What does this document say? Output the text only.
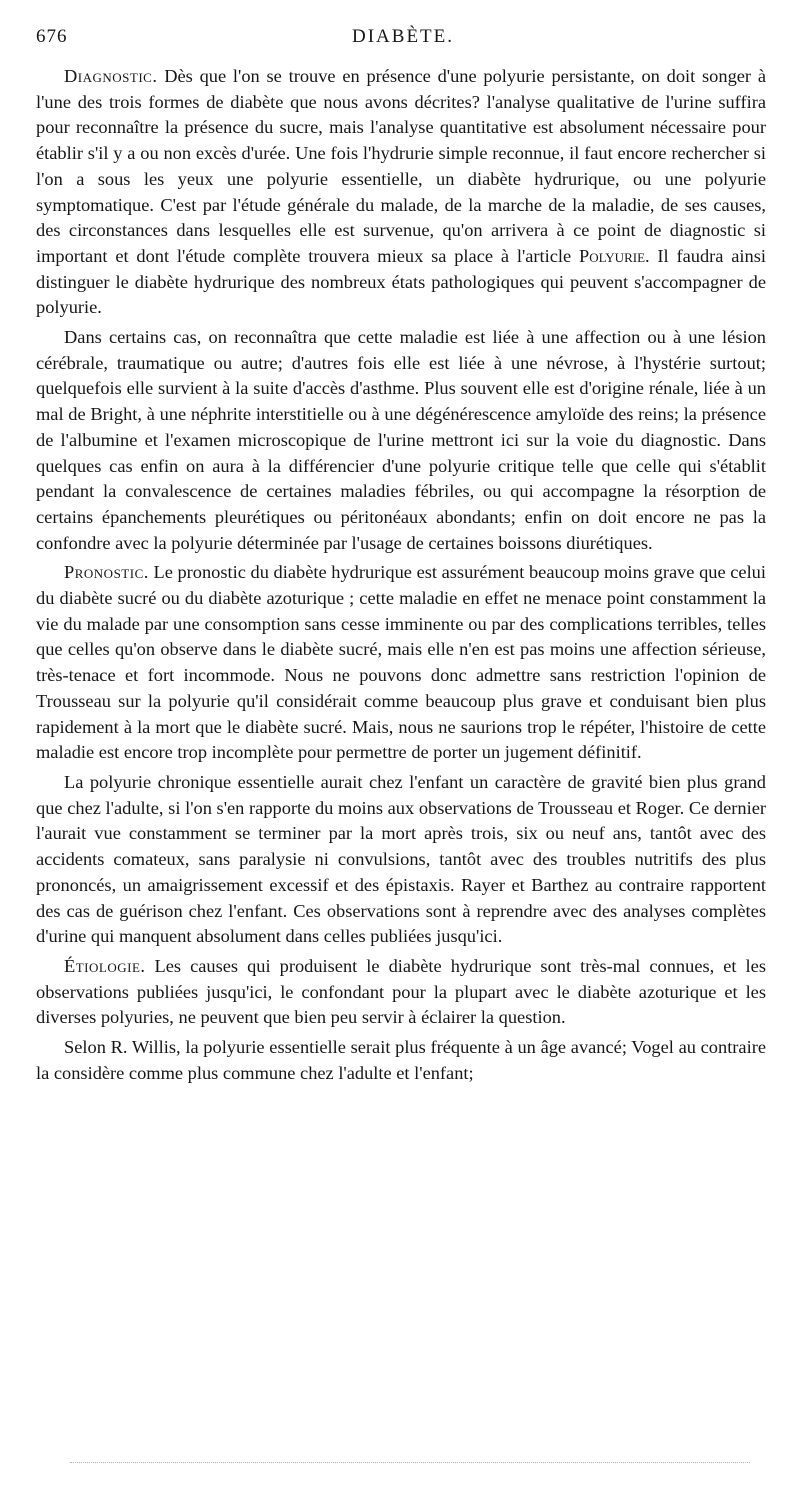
676	DIABÈTE.

Diagnostic. Dès que l'on se trouve en présence d'une polyurie persistante, on doit songer à l'une des trois formes de diabète que nous avons décrites? l'analyse qualitative de l'urine suffira pour reconnaître la présence du sucre, mais l'analyse quantitative est absolument nécessaire pour établir s'il y a ou non excès d'urée. Une fois l'hydrurie simple reconnue, il faut encore rechercher si l'on a sous les yeux une polyurie essentielle, un diabète hydrurique, ou une polyurie symptomatique. C'est par l'étude générale du malade, de la marche de la maladie, de ses causes, des circonstances dans lesquelles elle est survenue, qu'on arrivera à ce point de diagnostic si important et dont l'étude complète trouvera mieux sa place à l'article Polyurie. Il faudra ainsi distinguer le diabète hydrurique des nombreux états pathologiques qui peuvent s'accompagner de polyurie.

Dans certains cas, on reconnaîtra que cette maladie est liée à une affection ou à une lésion cérébrale, traumatique ou autre; d'autres fois elle est liée à une névrose, à l'hystérie surtout; quelquefois elle survient à la suite d'accès d'asthme. Plus souvent elle est d'origine rénale, liée à un mal de Bright, à une néphrite interstitielle ou à une dégénérescence amyloïde des reins; la présence de l'albumine et l'examen microscopique de l'urine mettront ici sur la voie du diagnostic. Dans quelques cas enfin on aura à la différencier d'une polyurie critique telle que celle qui s'établit pendant la convalescence de certaines maladies fébriles, ou qui accompagne la résorption de certains épanchements pleurétiques ou péritonéaux abondants; enfin on doit encore ne pas la confondre avec la polyurie déterminée par l'usage de certaines boissons diurétiques.

Pronostic. Le pronostic du diabète hydrurique est assurément beaucoup moins grave que celui du diabète sucré ou du diabète azoturique ; cette maladie en effet ne menace point constamment la vie du malade par une consomption sans cesse imminente ou par des complications terribles, telles que celles qu'on observe dans le diabète sucré, mais elle n'en est pas moins une affection sérieuse, très-tenace et fort incommode. Nous ne pouvons donc admettre sans restriction l'opinion de Trousseau sur la polyurie qu'il considérait comme beaucoup plus grave et conduisant bien plus rapidement à la mort que le diabète sucré. Mais, nous ne saurions trop le répéter, l'histoire de cette maladie est encore trop incomplète pour permettre de porter un jugement définitif.

La polyurie chronique essentielle aurait chez l'enfant un caractère de gravité bien plus grand que chez l'adulte, si l'on s'en rapporte du moins aux observations de Trousseau et Roger. Ce dernier l'aurait vue constamment se terminer par la mort après trois, six ou neuf ans, tantôt avec des accidents comateux, sans paralysie ni convulsions, tantôt avec des troubles nutritifs des plus prononcés, un amaigrissement excessif et des épistaxis. Rayer et Barthez au contraire rapportent des cas de guérison chez l'enfant. Ces observations sont à reprendre avec des analyses complètes d'urine qui manquent absolument dans celles publiées jusqu'ici.

Étiologie. Les causes qui produisent le diabète hydrurique sont très-mal connues, et les observations publiées jusqu'ici, le confondant pour la plupart avec le diabète azoturique et les diverses polyuries, ne peuvent que bien peu servir à éclairer la question.

Selon R. Willis, la polyurie essentielle serait plus fréquente à un âge avancé; Vogel au contraire la considère comme plus commune chez l'adulte et l'enfant;
